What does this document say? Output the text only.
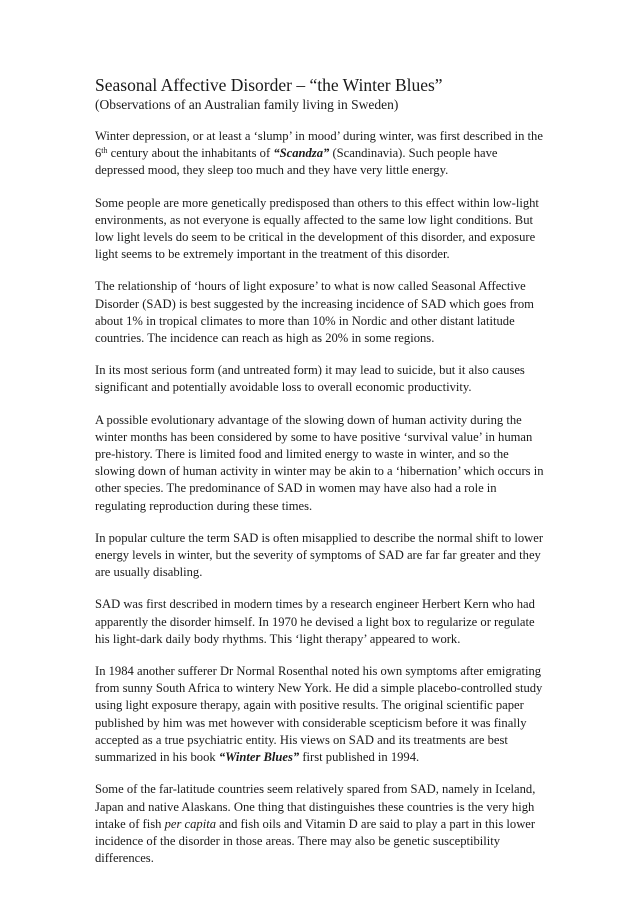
Seasonal Affective Disorder – “the Winter Blues”
(Observations of an Australian family living in Sweden)

Winter depression, or at least a ‘slump’ in mood’ during winter, was first described in the 6th century about the inhabitants of “Scandza” (Scandinavia). Such people have depressed mood, they sleep too much and they have very little energy.

Some people are more genetically predisposed than others to this effect within low-light environments, as not everyone is equally affected to the same low light conditions. But low light levels do seem to be critical in the development of this disorder, and exposure light seems to be extremely important in the treatment of this disorder.

The relationship of ‘hours of light exposure’ to what is now called Seasonal Affective Disorder (SAD) is best suggested by the increasing incidence of SAD which goes from about 1% in tropical climates to more than 10% in Nordic and other distant latitude countries. The incidence can reach as high as 20% in some regions.

In its most serious form (and untreated form) it may lead to suicide, but it also causes significant and potentially avoidable loss to overall economic productivity.

A possible evolutionary advantage of the slowing down of human activity during the winter months has been considered by some to have positive ‘survival value’ in human pre-history. There is limited food and limited energy to waste in winter, and so the slowing down of human activity in winter may be akin to a ‘hibernation’ which occurs in other species. The predominance of SAD in women may have also had a role in regulating reproduction during these times.

In popular culture the term SAD is often misapplied to describe the normal shift to lower energy levels in winter, but the severity of symptoms of SAD are far far greater and they are usually disabling.

SAD was first described in modern times by a research engineer Herbert Kern who had apparently the disorder himself. In 1970 he devised a light box to regularize or regulate his light-dark daily body rhythms. This ‘light therapy’ appeared to work.

In 1984 another sufferer Dr Normal Rosenthal noted his own symptoms after emigrating from sunny South Africa to wintery New York. He did a simple placebo-controlled study using light exposure therapy, again with positive results. The original scientific paper published by him was met however with considerable scepticism before it was finally accepted as a true psychiatric entity. His views on SAD and its treatments are best summarized in his book “Winter Blues” first published in 1994.

Some of the far-latitude countries seem relatively spared from SAD, namely in Iceland, Japan and native Alaskans. One thing that distinguishes these countries is the very high intake of fish per capita and fish oils and Vitamin D are said to play a part in this lower incidence of the disorder in those areas. There may also be genetic susceptibility differences.
